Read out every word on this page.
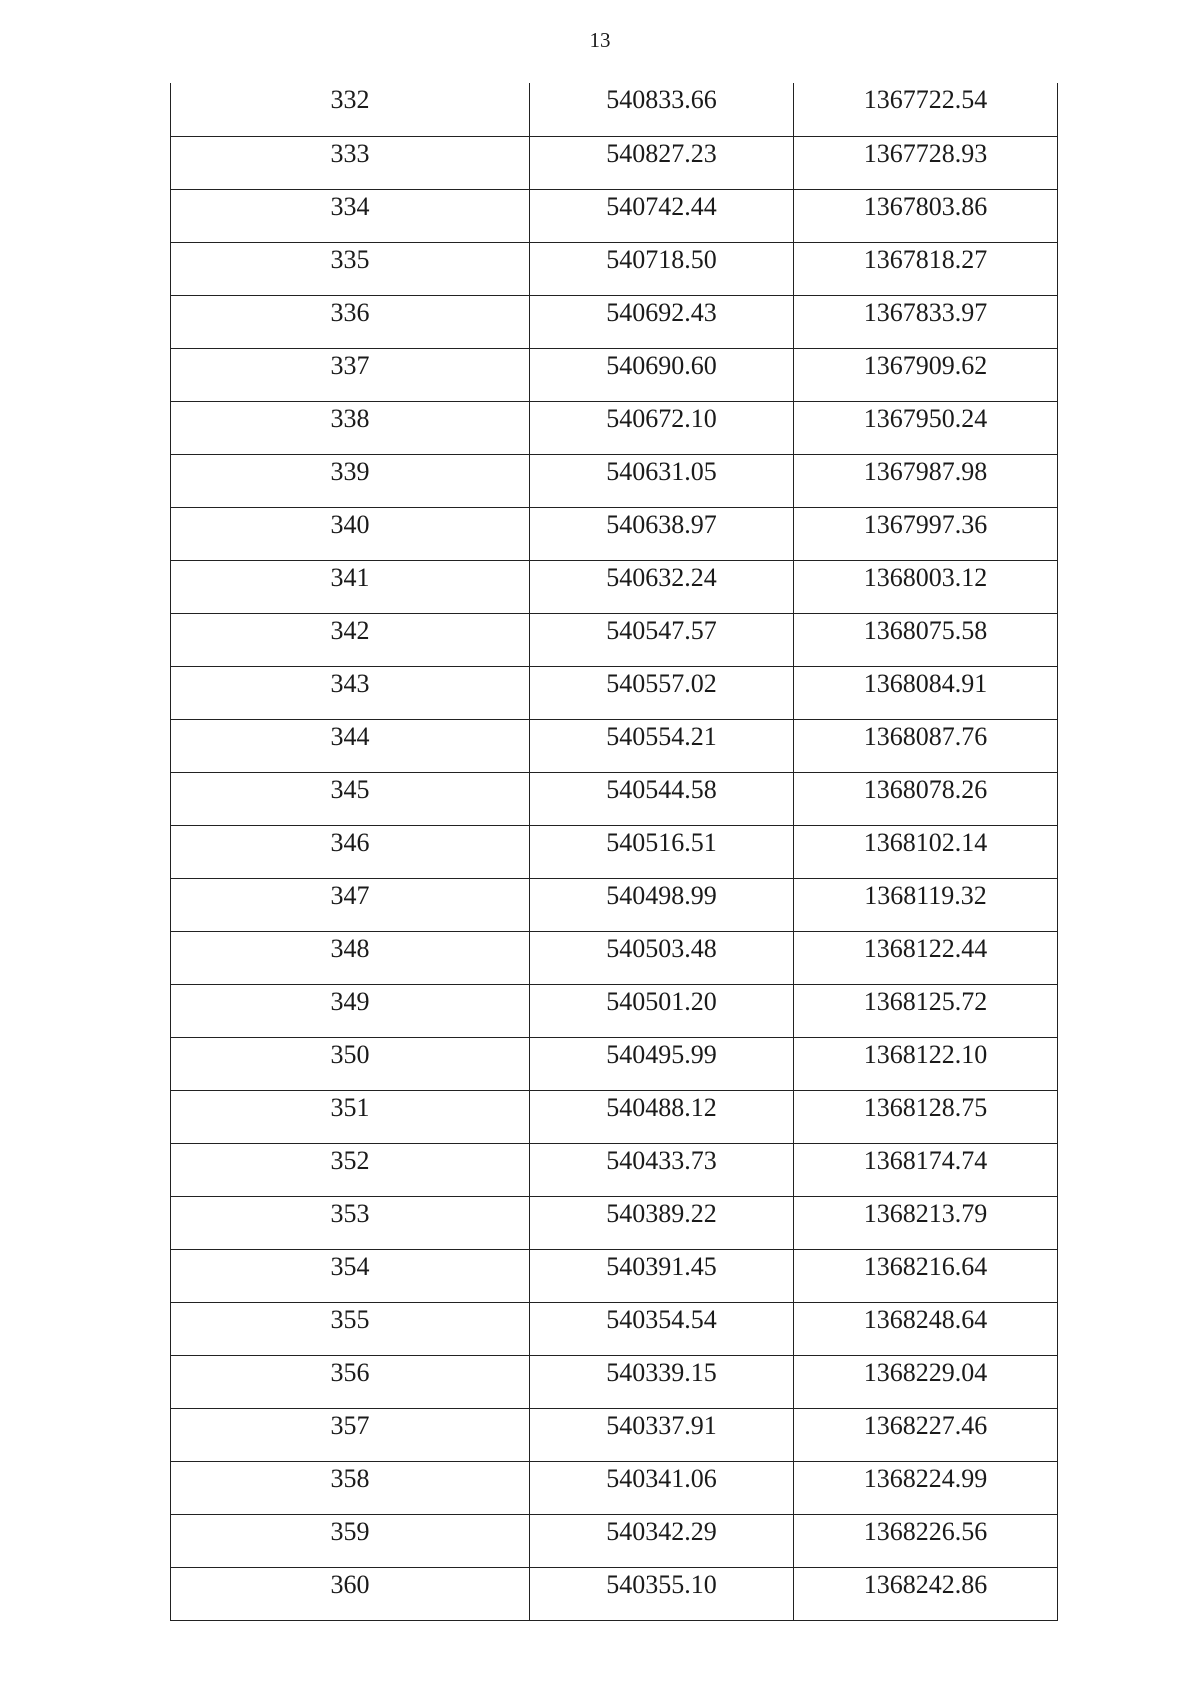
13
332	540833.66	1367722.54
333	540827.23	1367728.93
334	540742.44	1367803.86
335	540718.50	1367818.27
336	540692.43	1367833.97
337	540690.60	1367909.62
338	540672.10	1367950.24
339	540631.05	1367987.98
340	540638.97	1367997.36
341	540632.24	1368003.12
342	540547.57	1368075.58
343	540557.02	1368084.91
344	540554.21	1368087.76
345	540544.58	1368078.26
346	540516.51	1368102.14
347	540498.99	1368119.32
348	540503.48	1368122.44
349	540501.20	1368125.72
350	540495.99	1368122.10
351	540488.12	1368128.75
352	540433.73	1368174.74
353	540389.22	1368213.79
354	540391.45	1368216.64
355	540354.54	1368248.64
356	540339.15	1368229.04
357	540337.91	1368227.46
358	540341.06	1368224.99
359	540342.29	1368226.56
360	540355.10	1368242.86
